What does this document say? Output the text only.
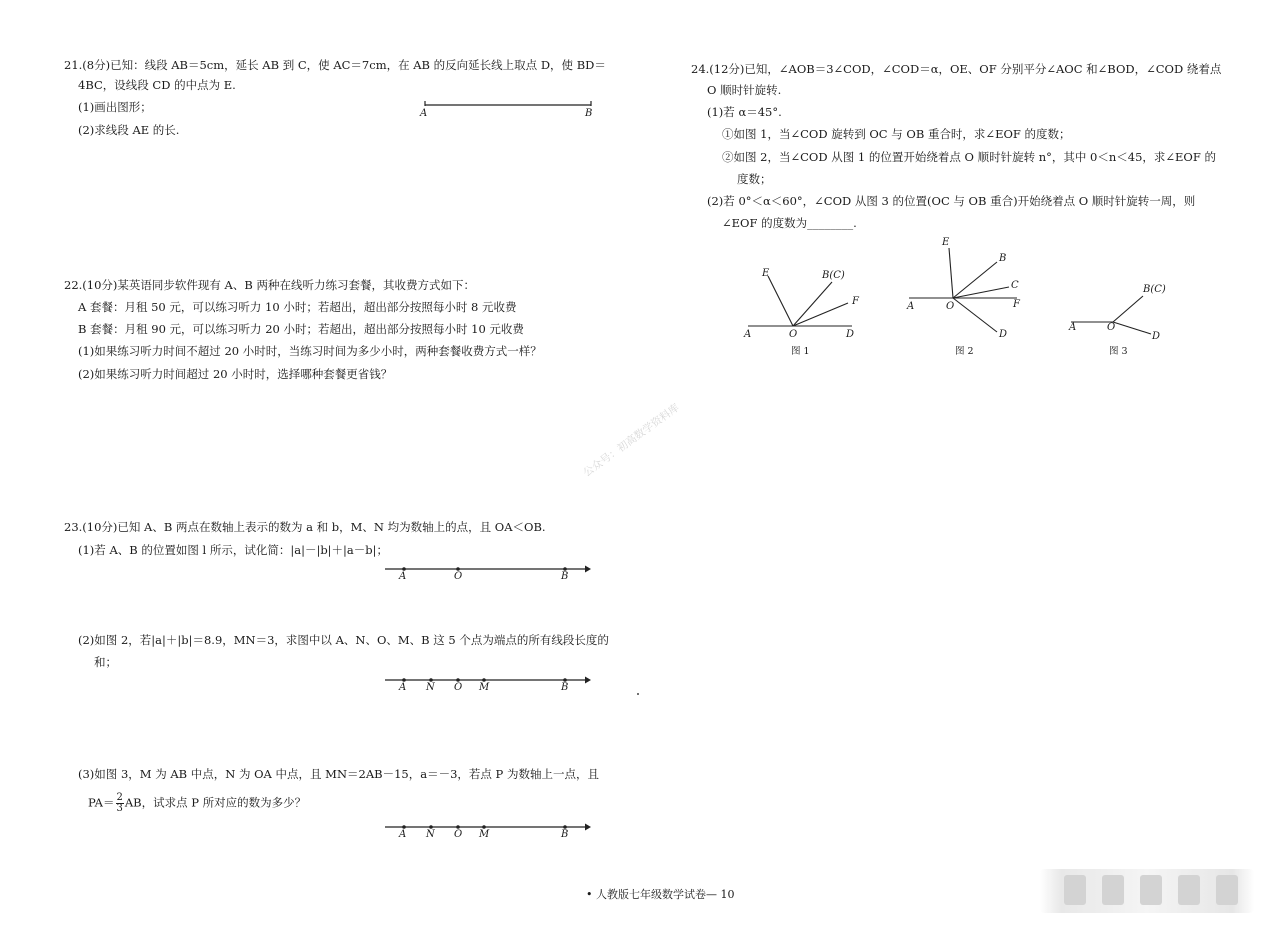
21.(8分)已知：线段 AB＝5cm，延长 AB 到 C，使 AC＝7cm，在 AB 的反向延长线上取点 D，使 BD＝
4BC，设线段 CD 的中点为 E.
(1)画出图形；
(2)求线段 AE 的长.
A	B
22.(10分)某英语同步软件现有 A、B 两种在线听力练习套餐，其收费方式如下：
A 套餐：月租 50 元，可以练习听力 10 小时；若超出，超出部分按照每小时 8 元收费
B 套餐：月租 90 元，可以练习听力 20 小时；若超出，超出部分按照每小时 10 元收费
(1)如果练习听力时间不超过 20 小时时，当练习时间为多少小时，两种套餐收费方式一样？
(2)如果练习听力时间超过 20 小时时，选择哪种套餐更省钱？
23.(10分)已知 A、B 两点在数轴上表示的数为 a 和 b，M、N 均为数轴上的点，且 OA＜OB.
(1)若 A、B 的位置如图 l 所示，试化简：|a|－|b|＋|a－b|；
A	O	B
(2)如图 2，若|a|＋|b|＝8.9，MN＝3，求图中以 A、N、O、M、B 这 5 个点为端点的所有线段长度的
和；
A N O M	B
(3)如图 3，M 为 AB 中点，N 为 OA 中点，且 MN＝2AB－15，a＝－3，若点 P 为数轴上一点，且
$PA= \frac{2}{3}$ AB，试求点 P 所对应的数为多少？
A N O M	B
24.(12分)已知，∠AOB＝3∠COD，∠COD＝α，OE、OF 分别平分∠AOC 和∠BOD，∠COD 绕着点
O 顺时针旋转.
(1)若 α＝45°.
①如图 1，当∠COD 旋转到 OC 与 OB 重合时，求∠EOF 的度数；
②如图 2，当∠COD 从图 1 的位置开始绕着点 O 顺时针旋转 n°，其中 0＜n＜45，求∠EOF 的
度数；
(2)若 0°＜α＜60°，∠COD 从图 3 的位置(OC 与 OB 重合)开始绕着点 O 顺时针旋转一周，则
∠EOF 的度数为________.
E	B(C)
F
A	O	D
图 1
E
B
C
F
A	O
D
图 2
B(C)
A	O
D
图 3
公众号：初高数学资料库
• 人教版七年级数学试卷— 10
